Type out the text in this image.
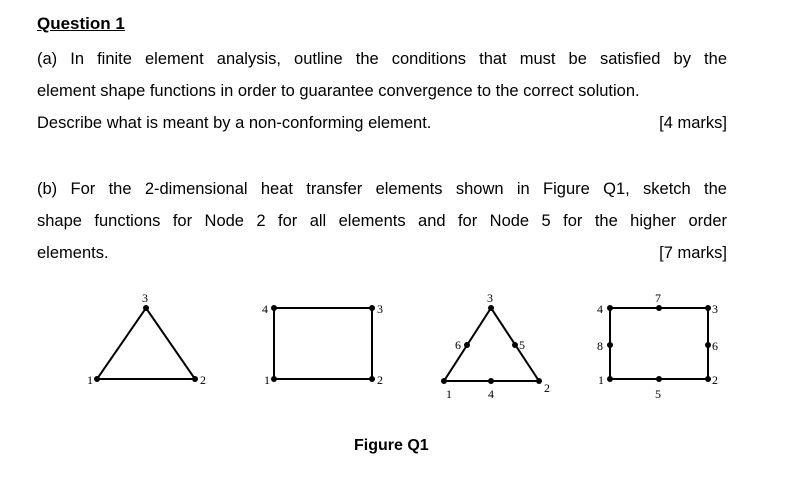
Question 1
(a) In finite element analysis, outline the conditions that must be satisfied by the
element shape functions in order to guarantee convergence to the correct solution.
Describe what is meant by a non-conforming element.	[4 marks]
(b) For the 2-dimensional heat transfer elements shown in Figure Q1, sketch the
shape functions for Node 2 for all elements and for Node 5 for the higher order
elements.	[7 marks]
1	2
3
1	2
3
4
1	2
3
4
5
6
1	2
3
4
5
6
7
8

Figure Q1
